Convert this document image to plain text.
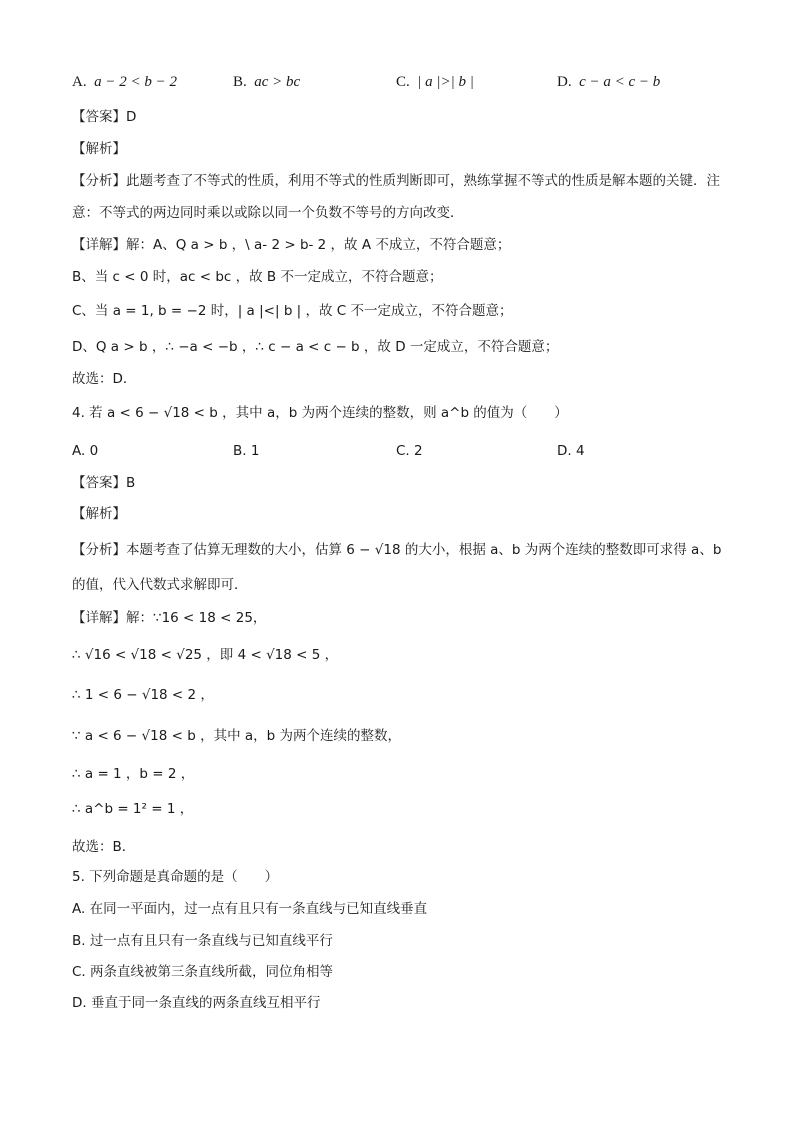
A. a − 2 < b − 2	B. ac > bc	C. | a |>| b |	D. c − a < c − b
【答案】D
【解析】
【分析】此题考查了不等式的性质，利用不等式的性质判断即可，熟练掌握不等式的性质是解本题的关键．注
意：不等式的两边同时乘以或除以同一个负数不等号的方向改变．
【详解】解：A、Q a > b ，\ a- 2 > b- 2 ，故 A 不成立，不符合题意；
B、当 c < 0 时，ac < bc ，故 B 不一定成立，不符合题意；
C、当 a = 1, b = −2 时，| a |<| b | ，故 C 不一定成立，不符合题意；
D、Q a > b ，∴ −a < −b ，∴ c − a < c − b ，故 D 一定成立，不符合题意；
故选：D．
4. 若 a < 6 − √18 < b ，其中 a，b 为两个连续的整数，则 a^b 的值为（　　）
A. 0	B. 1	C. 2	D. 4
【答案】B
【解析】
【分析】本题考查了估算无理数的大小，估算 6 − √18 的大小，根据 a、b 为两个连续的整数即可求得 a、b
的值，代入代数式求解即可．
【详解】解：∵16 < 18 < 25，
∴ √16 < √18 < √25 ，即 4 < √18 < 5 ，
∴ 1 < 6 − √18 < 2 ，
∵ a < 6 − √18 < b ，其中 a，b 为两个连续的整数，
∴ a = 1 ，b = 2 ，
∴ a^b = 1² = 1 ，
故选：B．
5. 下列命题是真命题的是（　　）
A. 在同一平面内，过一点有且只有一条直线与已知直线垂直
B. 过一点有且只有一条直线与已知直线平行
C. 两条直线被第三条直线所截，同位角相等
D. 垂直于同一条直线的两条直线互相平行
